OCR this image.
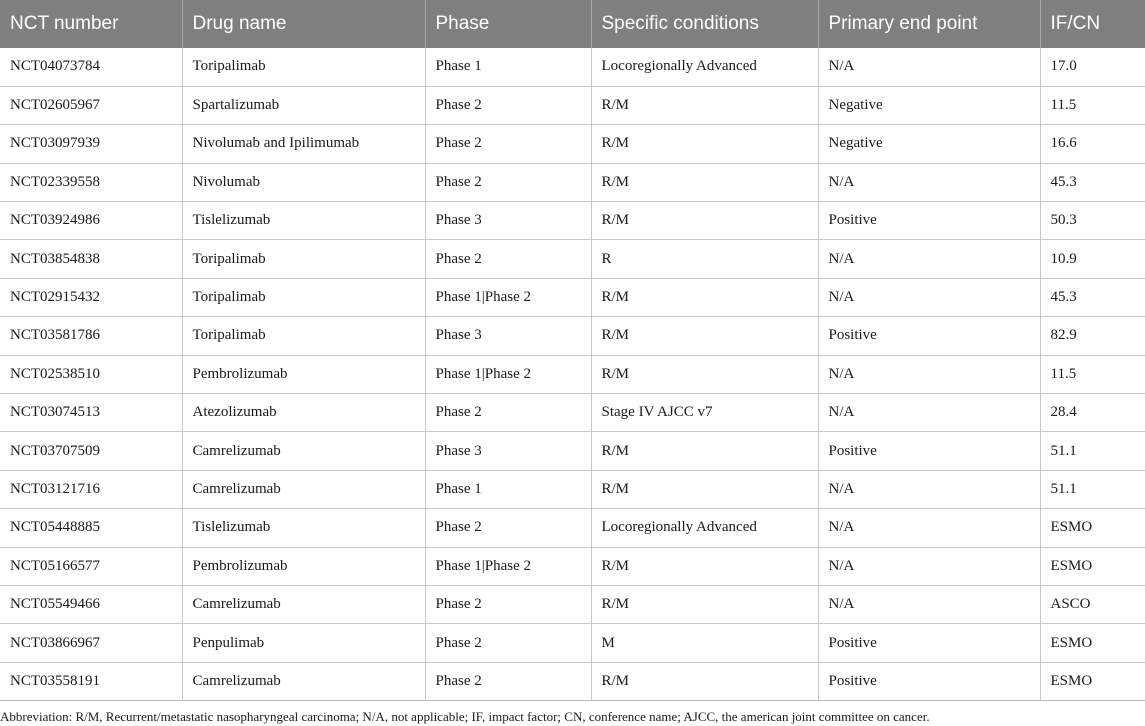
NCT number	Drug name	Phase	Specific conditions	Primary end point	IF/CN
NCT04073784	Toripalimab	Phase 1	Locoregionally Advanced	N/A	17.0
NCT02605967	Spartalizumab	Phase 2	R/M	Negative	11.5
NCT03097939	Nivolumab and Ipilimumab	Phase 2	R/M	Negative	16.6
NCT02339558	Nivolumab	Phase 2	R/M	N/A	45.3
NCT03924986	Tislelizumab	Phase 3	R/M	Positive	50.3
NCT03854838	Toripalimab	Phase 2	R	N/A	10.9
NCT02915432	Toripalimab	Phase 1|Phase 2	R/M	N/A	45.3
NCT03581786	Toripalimab	Phase 3	R/M	Positive	82.9
NCT02538510	Pembrolizumab	Phase 1|Phase 2	R/M	N/A	11.5
NCT03074513	Atezolizumab	Phase 2	Stage IV AJCC v7	N/A	28.4
NCT03707509	Camrelizumab	Phase 3	R/M	Positive	51.1
NCT03121716	Camrelizumab	Phase 1	R/M	N/A	51.1
NCT05448885	Tislelizumab	Phase 2	Locoregionally Advanced	N/A	ESMO
NCT05166577	Pembrolizumab	Phase 1|Phase 2	R/M	N/A	ESMO
NCT05549466	Camrelizumab	Phase 2	R/M	N/A	ASCO
NCT03866967	Penpulimab	Phase 2	M	Positive	ESMO
NCT03558191	Camrelizumab	Phase 2	R/M	Positive	ESMO
Abbreviation: R/M, Recurrent/metastatic nasopharyngeal carcinoma; N/A, not applicable; IF, impact factor; CN, conference name; AJCC, the american joint committee on cancer.
